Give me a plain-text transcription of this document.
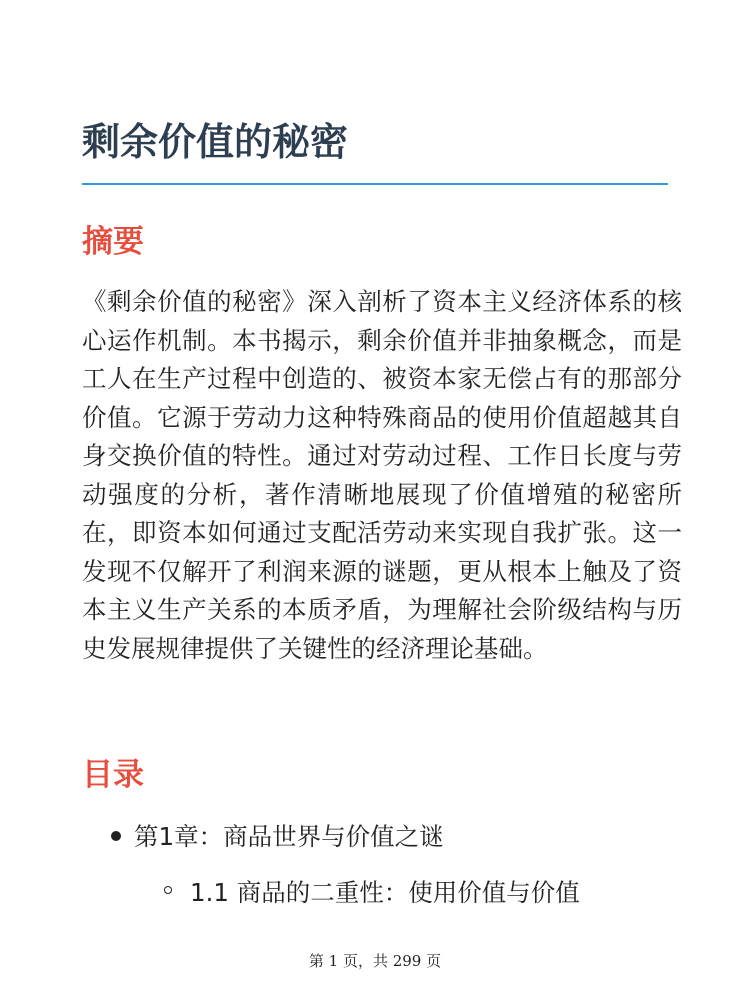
剩余价值的秘密
摘要

《剩余价值的秘密》深入剖析了资本主义经济体系的核心运作机制。本书揭示，剩余价值并非抽象概念，而是工人在生产过程中创造的、被资本家无偿占有的那部分价值。它源于劳动力这种特殊商品的使用价值超越其自身交换价值的特性。通过对劳动过程、工作日长度与劳动强度的分析，著作清晰地展现了价值增殖的秘密所在，即资本如何通过支配活劳动来实现自我扩张。这一发现不仅解开了利润来源的谜题，更从根本上触及了资本主义生产关系的本质矛盾，为理解社会阶级结构与历史发展规律提供了关键性的经济理论基础。

目录
第1章：商品世界与价值之谜
1.1 商品的二重性：使用价值与价值
第 1 页，共 299 页
